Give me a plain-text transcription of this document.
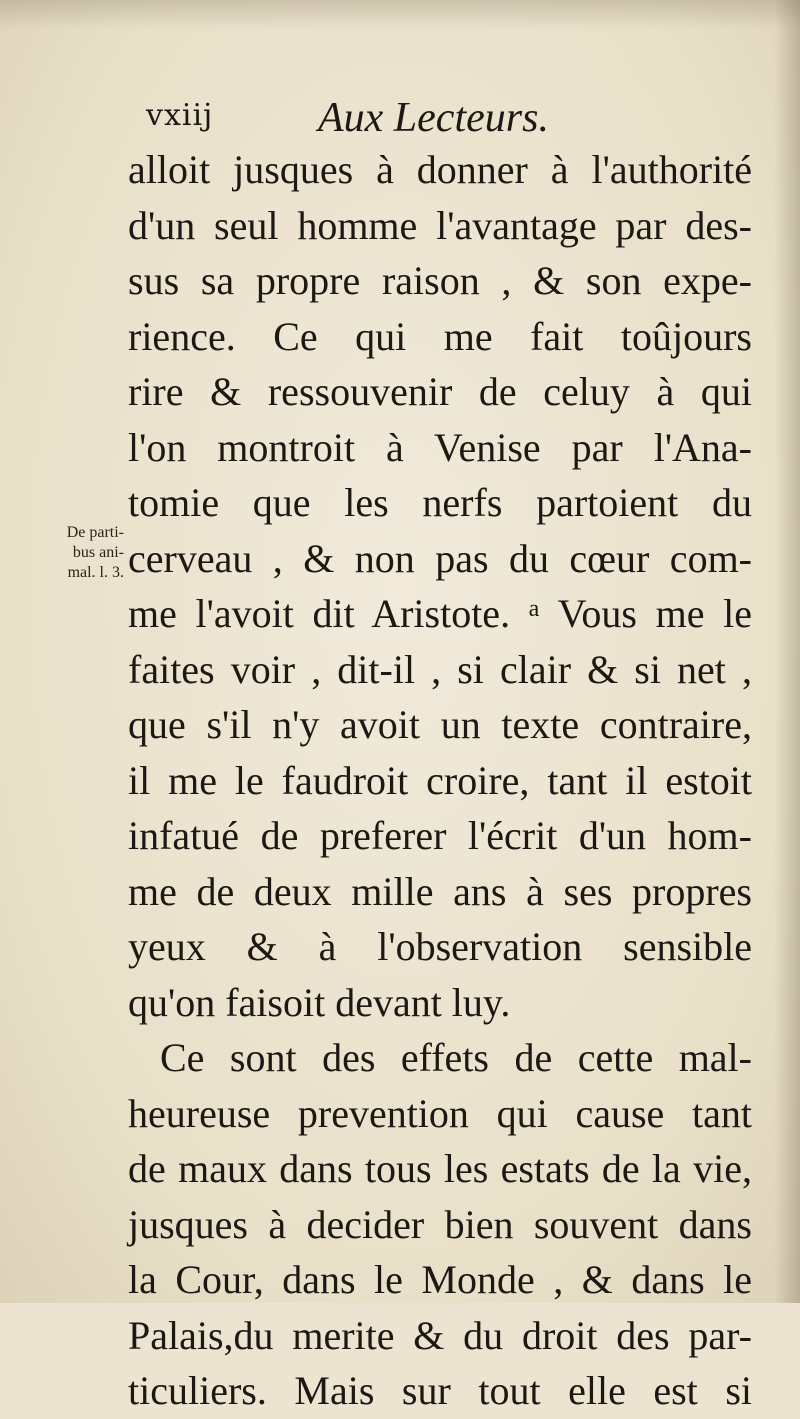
vxiij Aux Lecteurs.
De parti-
bus ani-
mal. l. 3.
alloit jusques à donner à l'authorité
d'un seul homme l'avantage par des-
sus sa propre raison , & son expe-
rience. Ce qui me fait toûjours
rire & ressouvenir de celuy à qui
l'on montroit à Venise par l'Ana-
tomie que les nerfs partoient du
cerveau , & non pas du cœur com-
me l'avoit dit Aristote. ᵃ Vous me le
faites voir , dit-il , si clair & si net ,
que s'il n'y avoit un texte contraire,
il me le faudroit croire, tant il estoit
infatué de preferer l'écrit d'un hom-
me de deux mille ans à ses propres
yeux & à l'observation sensible
qu'on faisoit devant luy.
Ce sont des effets de cette mal-
heureuse prevention qui cause tant
de maux dans tous les estats de la vie,
jusques à decider bien souvent dans
la Cour, dans le Monde , & dans le
Palais,du merite & du droit des par-
ticuliers. Mais sur tout elle est si
